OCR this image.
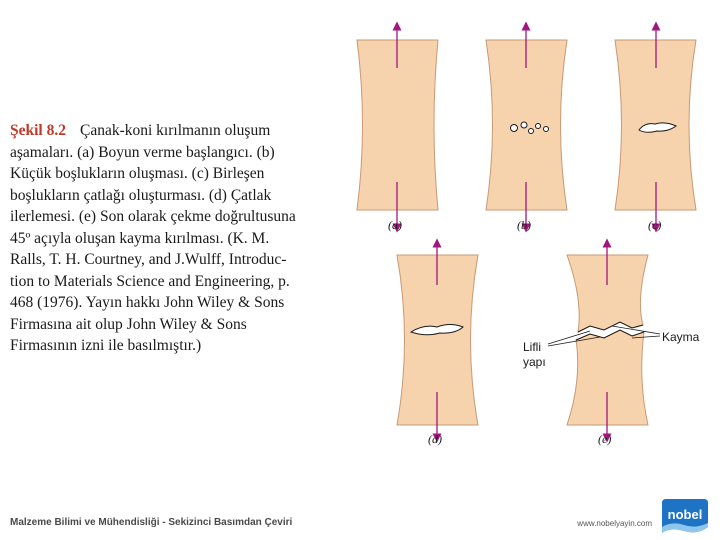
Şekil 8.2 Çanak-koni kırılmanın oluşum
aşamaları. (a) Boyun verme başlangıcı. (b)
Küçük boşlukların oluşması. (c) Birleşen
boşlukların çatlağı oluşturması. (d) Çatlak
ilerlemesi. (e) Son olarak çekme doğrultusuna
45º açıyla oluşan kayma kırılması. (K. M.
Ralls, T. H. Courtney, and J.Wulff, Introduc-
tion to Materials Science and Engineering, p.
468 (1976). Yayın hakkı John Wiley & Sons
Firmasına ait olup John Wiley & Sons
Firmasının izni ile basılmıştır.)
(a)	(b)	(c)
(d)
Kayma
Lifli
yapı
(e)
Malzeme Bilimi ve Mühendisliği - Sekizinci Basımdan Çeviri	www.nobelyayin.com
nobel
